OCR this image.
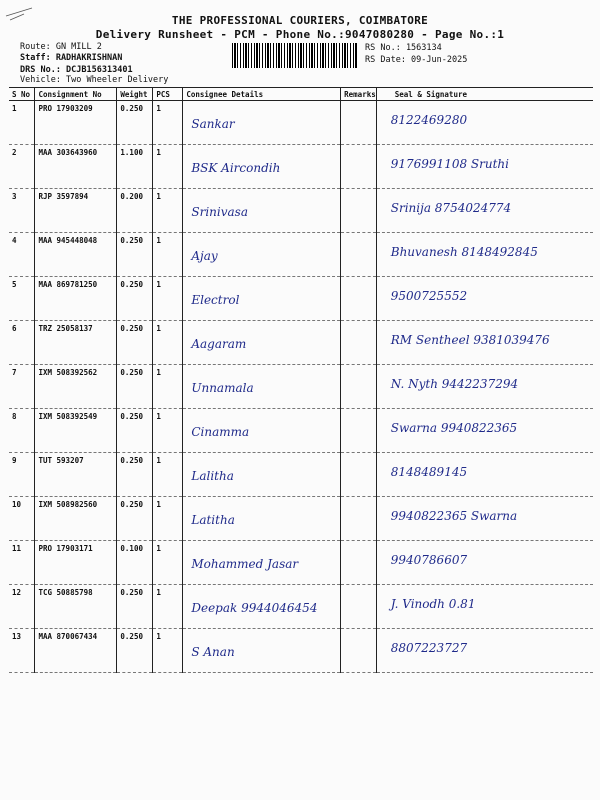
THE PROFESSIONAL COURIERS, COIMBATORE
Delivery Runsheet - PCM - Phone No.:9047080280 - Page No.:1
Route: GN MILL 2
Staff: RADHAKRISHNAN
DRS No.: DCJB156313401
Vehicle: Two Wheeler Delivery
RS No.: 1563134
RS Date: 09-Jun-2025
S No	Consignment No	Weight	PCS	Consignee Details	Remarks	Seal & Signature
1	PRO 17903209	0.250	1	Sankar		8122469280

2	MAA 303643960	1.100	1	BSK Aircondih		9176991108 Sruthi

3	RJP 3597894	0.200	1	Srinivasa		Srinija 8754024774

4	MAA 945448048	0.250	1	Ajay		Bhuvanesh 8148492845

5	MAA 869781250	0.250	1	Electrol		9500725552

6	TRZ 25058137	0.250	1	Aagaram		RM Sentheel 9381039476

7	IXM 508392562	0.250	1	Unnamala		N. Nyth 9442237294

8	IXM 508392549	0.250	1	Cinamma		Swarna 9940822365

9	TUT 593207	0.250	1	Lalitha		8148489145

10	IXM 508982560	0.250	1	Latitha		9940822365 Swarna

11	PRO 17903171	0.100	1	Mohammed Jasar		9940786607

12	TCG 50885798	0.250	1	Deepak 9944046454		J. Vinodh 0.81

13	MAA 870067434	0.250	1	S Anan		8807223727
